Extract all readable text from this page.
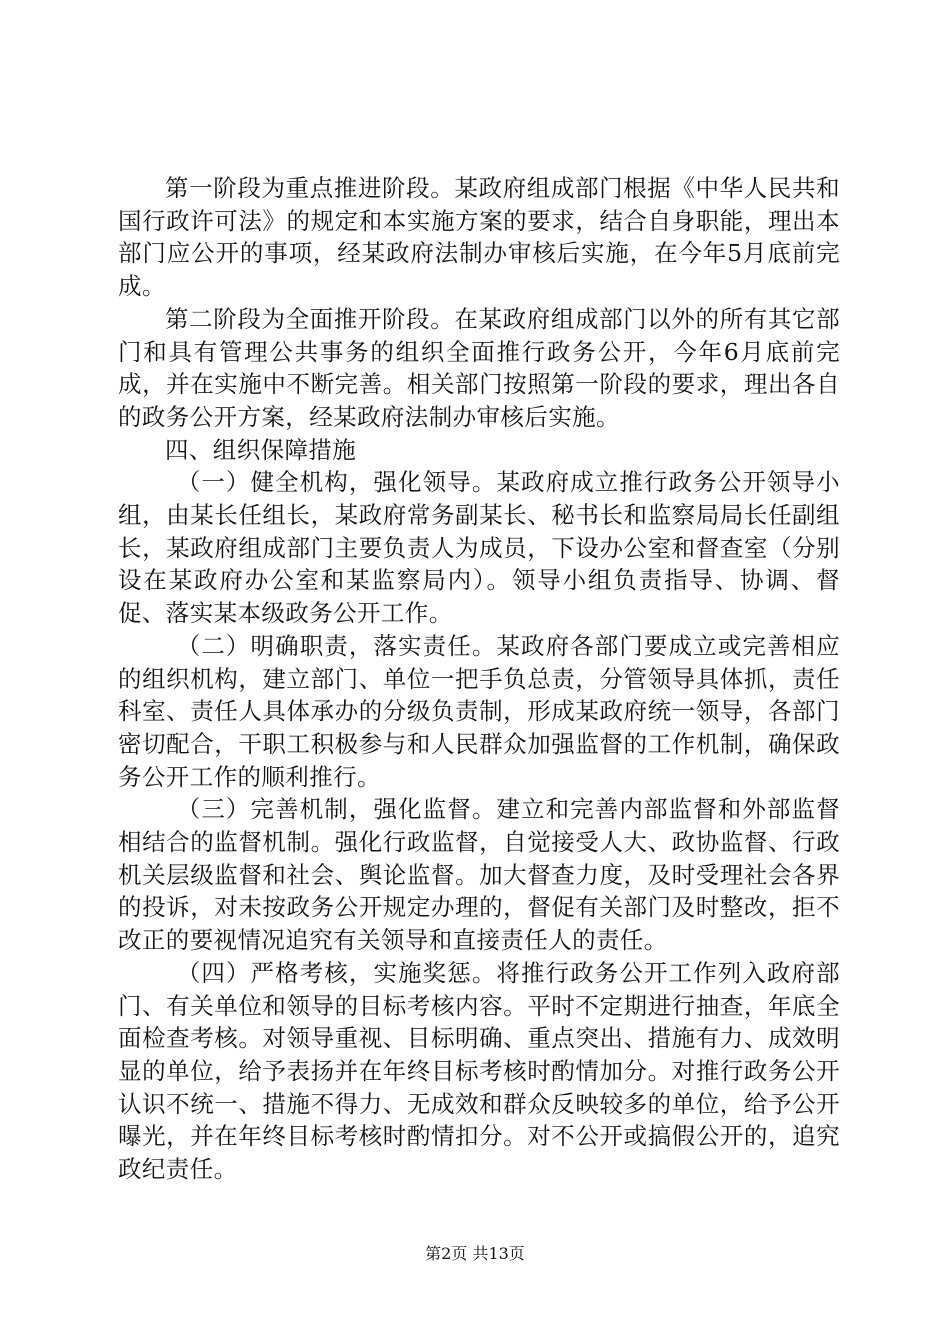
第一阶段为重点推进阶段。某政府组成部门根据《中华人民共和国行政许可法》的规定和本实施方案的要求，结合自身职能，理出本部门应公开的事项，经某政府法制办审核后实施，在今年5月底前完成。

第二阶段为全面推开阶段。在某政府组成部门以外的所有其它部门和具有管理公共事务的组织全面推行政务公开，今年6月底前完成，并在实施中不断完善。相关部门按照第一阶段的要求，理出各自的政务公开方案，经某政府法制办审核后实施。

四、组织保障措施

（一）健全机构，强化领导。某政府成立推行政务公开领导小组，由某长任组长，某政府常务副某长、秘书长和监察局局长任副组长，某政府组成部门主要负责人为成员，下设办公室和督查室（分别设在某政府办公室和某监察局内）。领导小组负责指导、协调、督促、落实某本级政务公开工作。

（二）明确职责，落实责任。某政府各部门要成立或完善相应的组织机构，建立部门、单位一把手负总责，分管领导具体抓，责任科室、责任人具体承办的分级负责制，形成某政府统一领导，各部门密切配合，干职工积极参与和人民群众加强监督的工作机制，确保政务公开工作的顺利推行。

（三）完善机制，强化监督。建立和完善内部监督和外部监督相结合的监督机制。强化行政监督，自觉接受人大、政协监督、行政机关层级监督和社会、舆论监督。加大督查力度，及时受理社会各界的投诉，对未按政务公开规定办理的，督促有关部门及时整改，拒不改正的要视情况追究有关领导和直接责任人的责任。

（四）严格考核，实施奖惩。将推行政务公开工作列入政府部门、有关单位和领导的目标考核内容。平时不定期进行抽查，年底全面检查考核。对领导重视、目标明确、重点突出、措施有力、成效明显的单位，给予表扬并在年终目标考核时酌情加分。对推行政务公开认识不统一、措施不得力、无成效和群众反映较多的单位，给予公开曝光，并在年终目标考核时酌情扣分。对不公开或搞假公开的，追究政纪责任。

第2页 共13页
